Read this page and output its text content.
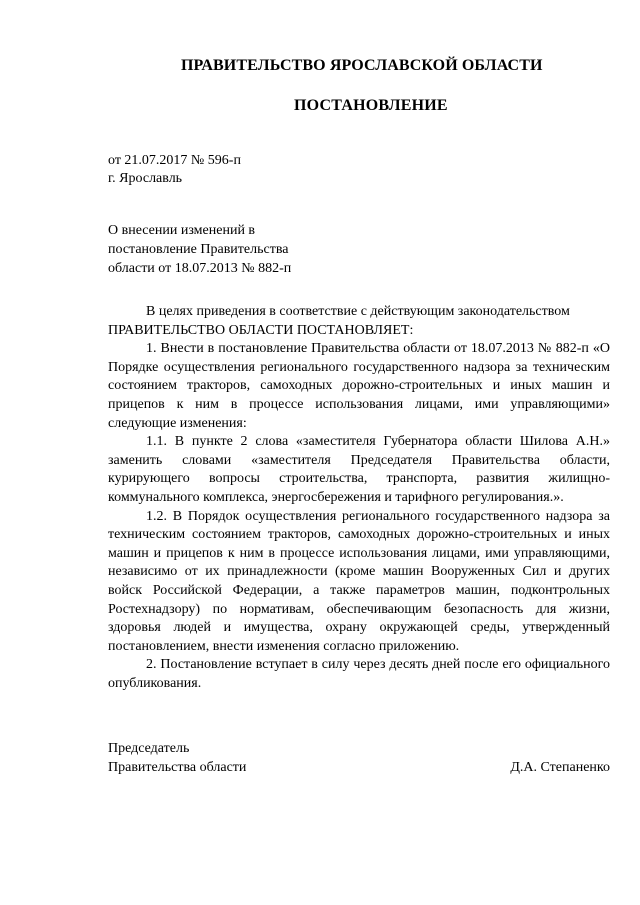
ПРАВИТЕЛЬСТВО ЯРОСЛАВСКОЙ ОБЛАСТИ
ПОСТАНОВЛЕНИЕ
от 21.07.2017 № 596-п
г. Ярославль
О внесении изменений в
постановление Правительства
области от 18.07.2013 № 882-п

В целях приведения в соответствие с действующим законодательством

ПРАВИТЕЛЬСТВО ОБЛАСТИ ПОСТАНОВЛЯЕТ:

1. Внести в постановление Правительства области от 18.07.2013 № 882-п «О Порядке осуществления регионального государственного надзора за техническим состоянием тракторов, самоходных дорожно-строительных и иных машин и прицепов к ним в процессе использования лицами, ими управляющими» следующие изменения:

1.1. В пункте 2 слова «заместителя Губернатора области Шилова А.Н.» заменить словами «заместителя Председателя Правительства области, курирующего вопросы строительства, транспорта, развития жилищно-коммунального комплекса, энергосбережения и тарифного регулирования.».

1.2. В Порядок осуществления регионального государственного надзора за техническим состоянием тракторов, самоходных дорожно-строительных и иных машин и прицепов к ним в процессе использования лицами, ими управляющими, независимо от их принадлежности (кроме машин Вооруженных Сил и других войск Российской Федерации, а также параметров машин, подконтрольных Ростехнадзору) по нормативам, обеспечивающим безопасность для жизни, здоровья людей и имущества, охрану окружающей среды, утвержденный постановлением, внести изменения согласно приложению.

2. Постановление вступает в силу через десять дней после его официального опубликования.

Председатель
Правительства области	Д.А. Степаненко
